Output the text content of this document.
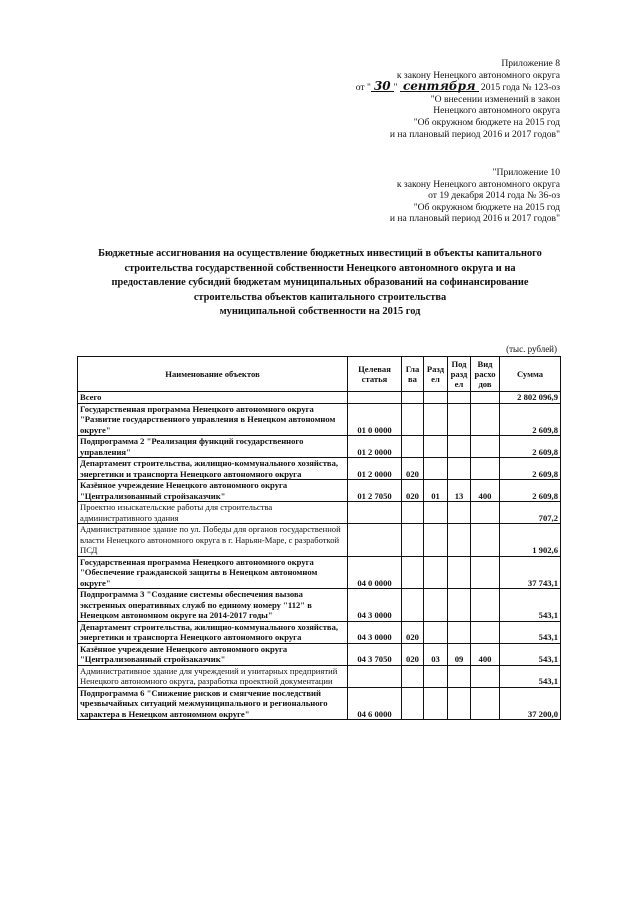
Приложение 8
к закону Ненецкого автономного округа
от " 30 " сентября 2015 года № 123-оз
"О внесении изменений в закон
Ненецкого автономного округа
"Об окружном бюджете на 2015 год
и на плановый период 2016 и 2017 годов"
"Приложение 10
к закону Ненецкого автономного округа
от 19 декабря 2014 года № 36-оз
"Об окружном бюджете на 2015 год
и на плановый период 2016 и 2017 годов"
Бюджетные ассигнования на осуществление бюджетных инвестиций в объекты капитального
строительства государственной собственности Ненецкого автономного округа и на
предоставление субсидий бюджетам муниципальных образований на софинансирование
строительства объектов капитального строительства
муниципальной собственности на 2015 год
(тыс. рублей)
Наименование объектов	Целевая статья	Гла ва	Разд ел	Под разд ел	Вид расхо дов	Сумма
Всего						2 802 096,9
Государственная программа Ненецкого автономного округа "Развитие государственного управления в Ненецком автономном округе"	01 0 0000					2 609,8
Подпрограмма 2 "Реализация функций государственного управления"	01 2 0000					2 609,8
Департамент строительства, жилищно-коммунального хозяйства, энергетики и транспорта Ненецкого автономного округа	01 2 0000	020				2 609,8
Казённое учреждение Ненецкого автономного округа "Централизованный стройзаказчик"	01 2 7050	020	01	13	400	2 609,8
Проектно изыскательские работы для строительства административного здания						707,2
Административное здание по ул. Победы для органов государственной власти Ненецкого автономного округа в г. Нарьян-Маре, с разработкой ПСД						1 902,6
Государственная программа Ненецкого автономного округа "Обеспечение гражданской защиты в Ненецком автономном округе"	04 0 0000					37 743,1
Подпрограмма 3 "Создание системы обеспечения вызова экстренных оперативных служб по единому номеру "112" в Ненецком автономном округе на 2014-2017 годы"	04 3 0000					543,1
Департамент строительства, жилищно-коммунального хозяйства, энергетики и транспорта Ненецкого автономного округа	04 3 0000	020				543,1
Казённое учреждение Ненецкого автономного округа "Централизованный стройзаказчик"	04 3 7050	020	03	09	400	543,1
Административное здание для учреждений и унитарных предприятий Ненецкого автономного округа, разработка проектной документации						543,1
Подпрограмма 6 "Снижение рисков и смягчение последствий чрезвычайных ситуаций межмуниципального и регионального характера в Ненецком автономном округе"	04 6 0000					37 200,0
